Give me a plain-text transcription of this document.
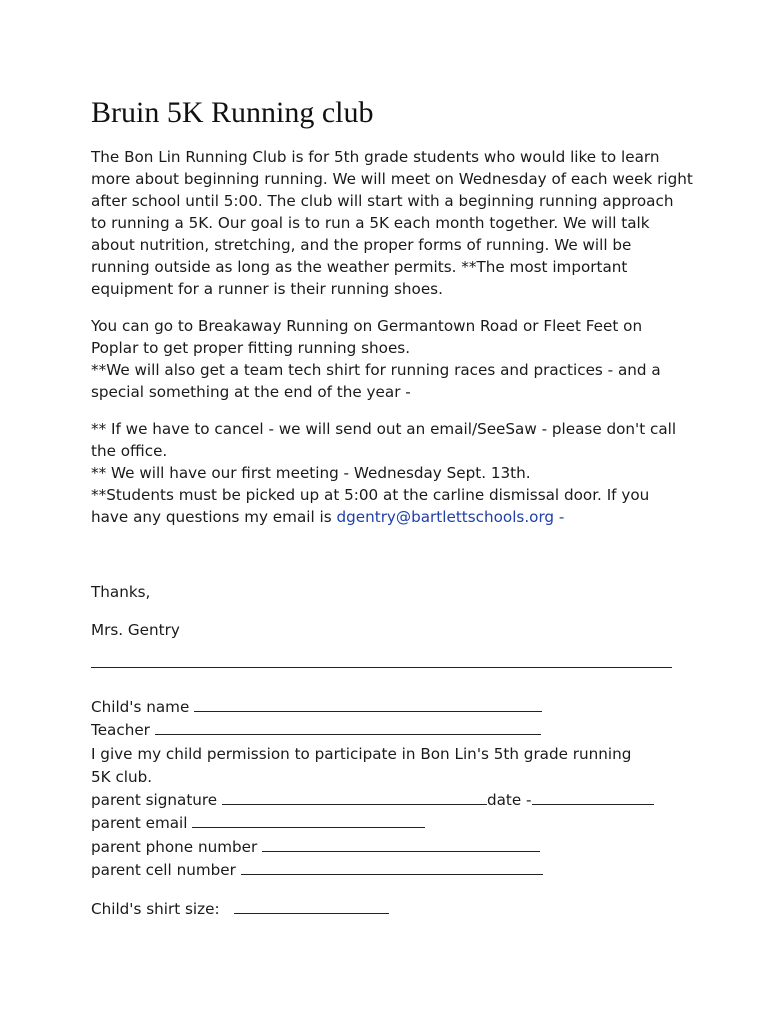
Bruin 5K Running club
The Bon Lin Running Club is for 5th grade students who would like to learn
more about beginning running. We will meet on Wednesday of each week right
after school until 5:00. The club will start with a beginning running approach
to running a 5K. Our goal is to run a 5K each month together. We will talk
about nutrition, stretching, and the proper forms of running. We will be
running outside as long as the weather permits. **The most important
equipment for a runner is their running shoes.
You can go to Breakaway Running on Germantown Road or Fleet Feet on
Poplar to get proper fitting running shoes.
**We will also get a team tech shirt for running races and practices - and a
special something at the end of the year -
** If we have to cancel - we will send out an email/SeeSaw - please don't call
the office.
** We will have our first meeting - Wednesday Sept. 13th.
**Students must be picked up at 5:00 at the carline dismissal door. If you
have any questions my email is dgentry@bartlettschools.org -
Thanks,
Mrs. Gentry
Child's name
Teacher
I give my child permission to participate in Bon Lin's 5th grade running
5K club.
parent signature	date -
parent email
parent phone number
parent cell number
Child's shirt size:
